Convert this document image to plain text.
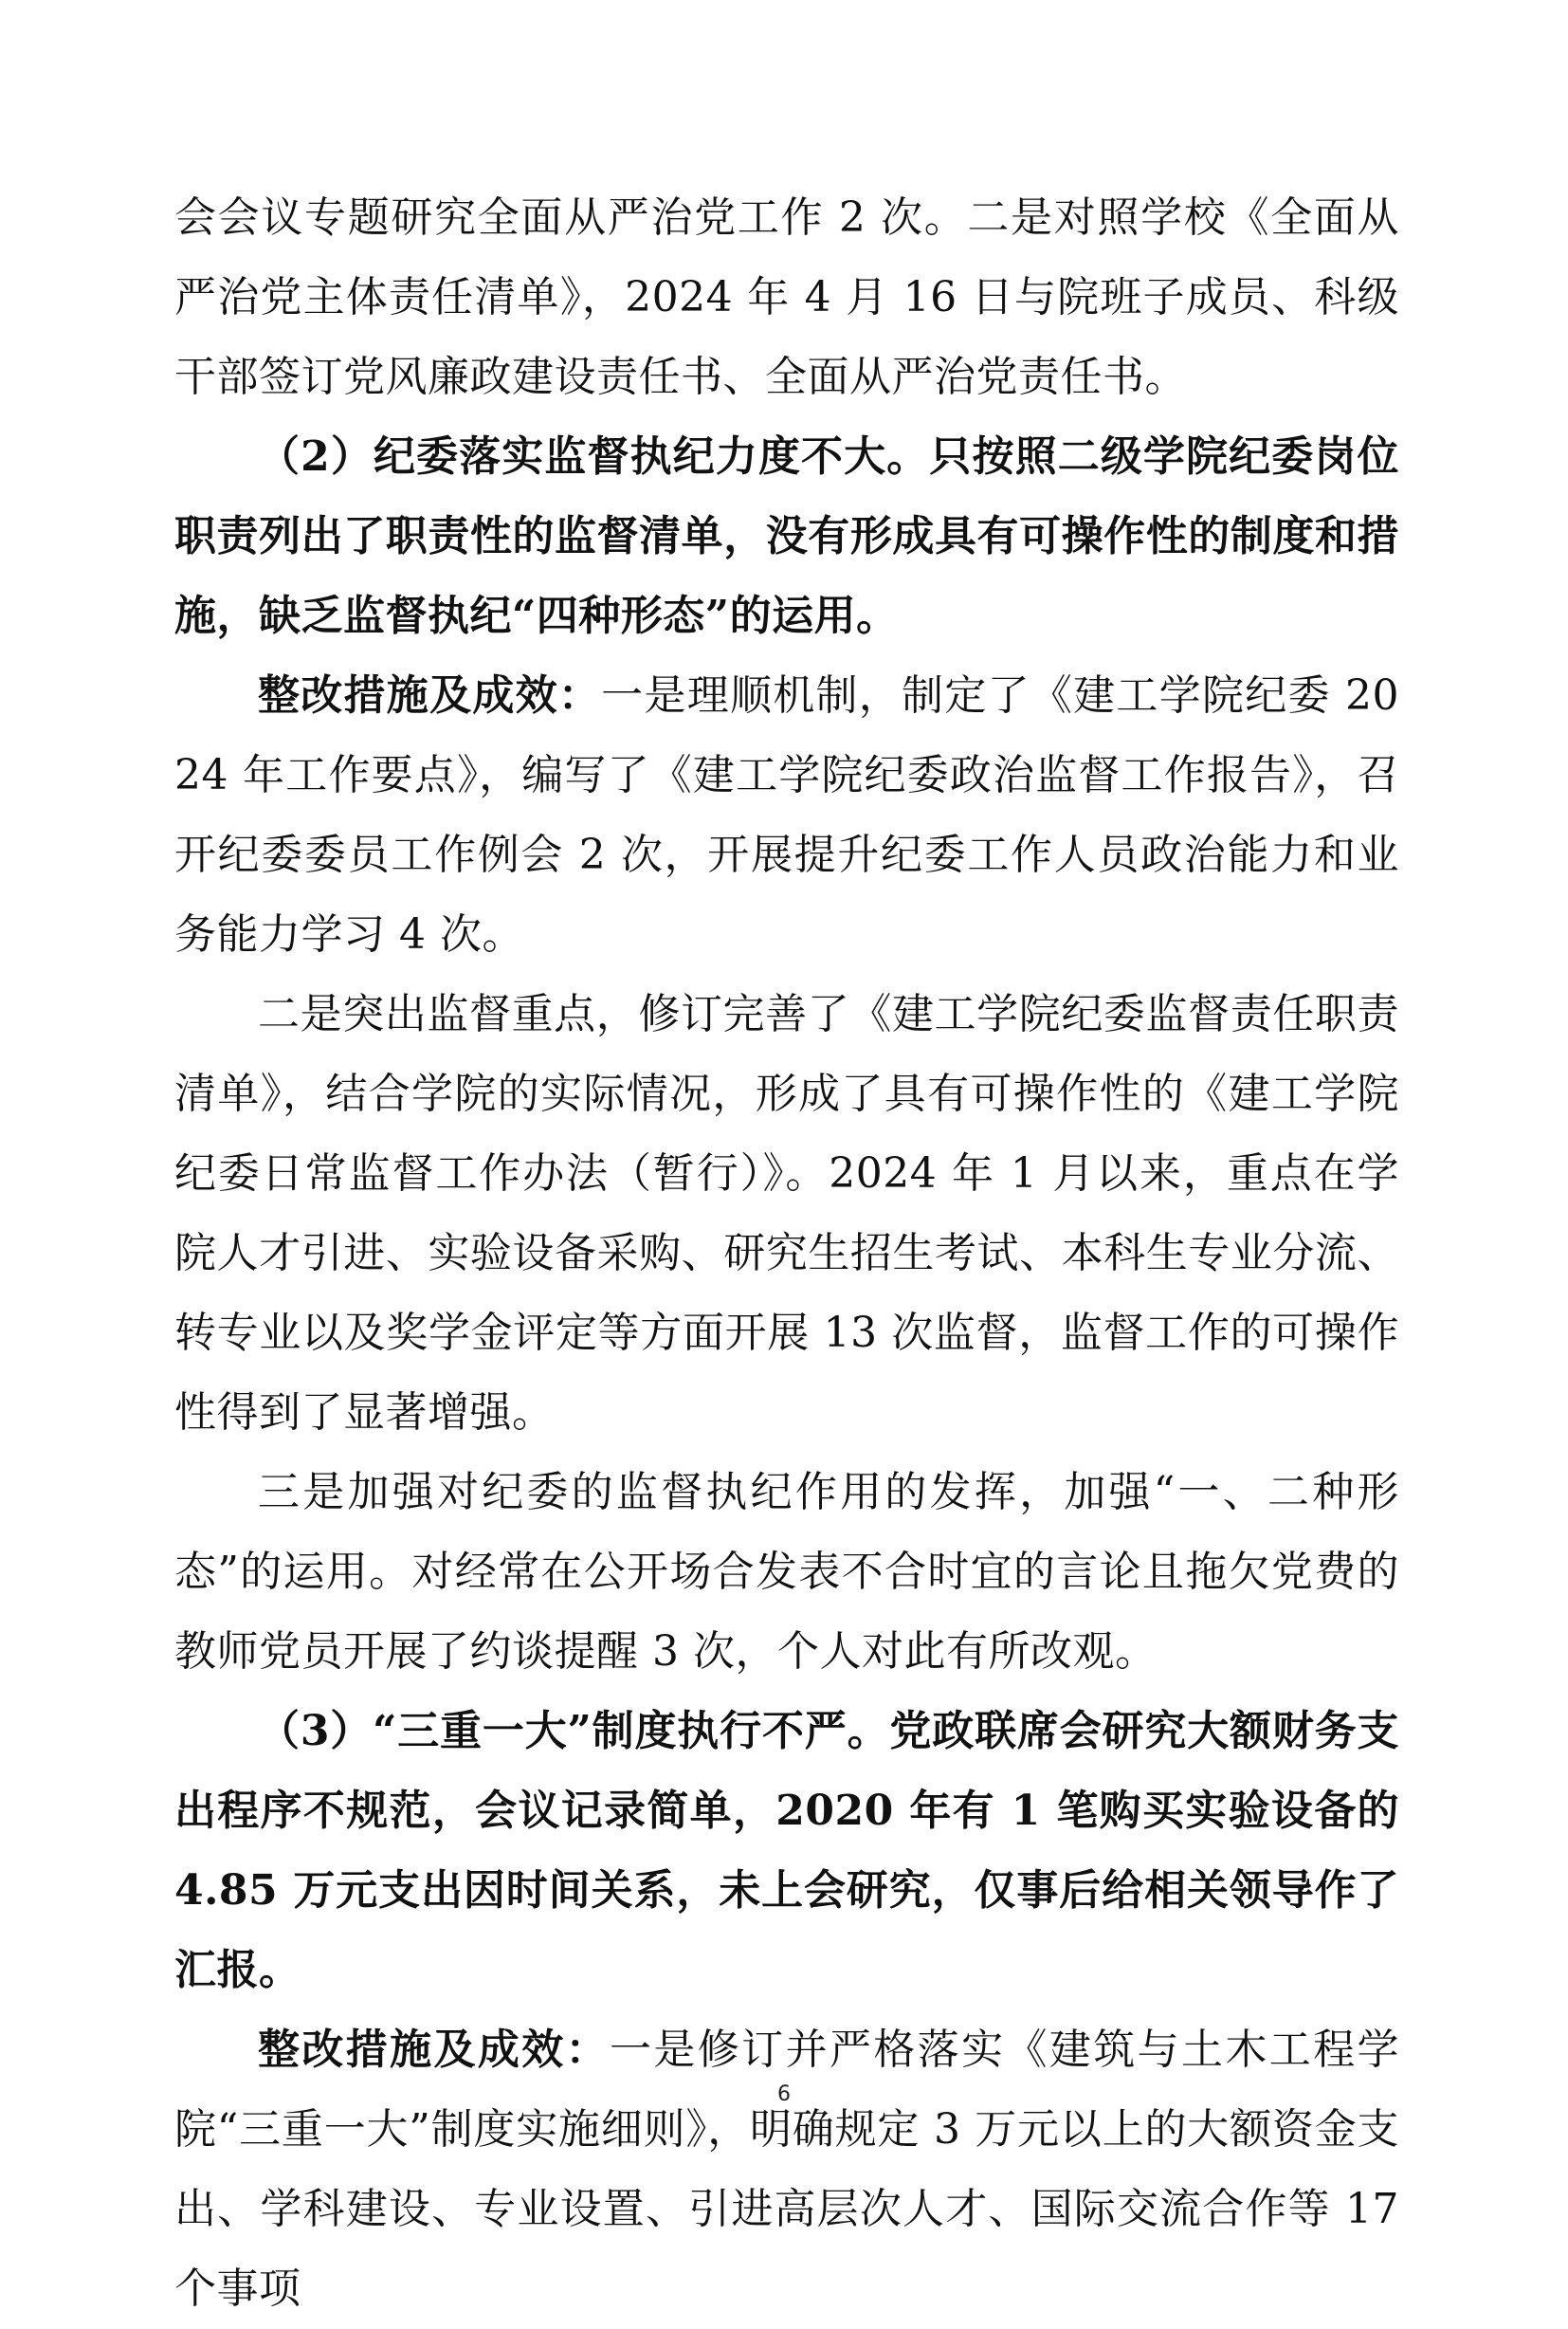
会会议专题研究全面从严治党工作 2 次。二是对照学校《全面从严治党主体责任清单》，2024 年 4 月 16 日与院班子成员、科级干部签订党风廉政建设责任书、全面从严治党责任书。

（2）纪委落实监督执纪力度不大。只按照二级学院纪委岗位职责列出了职责性的监督清单，没有形成具有可操作性的制度和措施，缺乏监督执纪“四种形态”的运用。

整改措施及成效：一是理顺机制，制定了《建工学院纪委 2024 年工作要点》，编写了《建工学院纪委政治监督工作报告》，召开纪委委员工作例会 2 次，开展提升纪委工作人员政治能力和业务能力学习 4 次。

二是突出监督重点，修订完善了《建工学院纪委监督责任职责清单》，结合学院的实际情况，形成了具有可操作性的《建工学院纪委日常监督工作办法（暂行）》。2024 年 1 月以来，重点在学院人才引进、实验设备采购、研究生招生考试、本科生专业分流、转专业以及奖学金评定等方面开展 13 次监督，监督工作的可操作性得到了显著增强。

三是加强对纪委的监督执纪作用的发挥，加强“一、二种形态”的运用。对经常在公开场合发表不合时宜的言论且拖欠党费的教师党员开展了约谈提醒 3 次，个人对此有所改观。

（3）“三重一大”制度执行不严。党政联席会研究大额财务支出程序不规范，会议记录简单，2020 年有 1 笔购买实验设备的 4.85 万元支出因时间关系，未上会研究，仅事后给相关领导作了汇报。

整改措施及成效：一是修订并严格落实《建筑与土木工程学院“三重一大”制度实施细则》，明确规定 3 万元以上的大额资金支出、学科建设、专业设置、引进高层次人才、国际交流合作等 17 个事项

6
